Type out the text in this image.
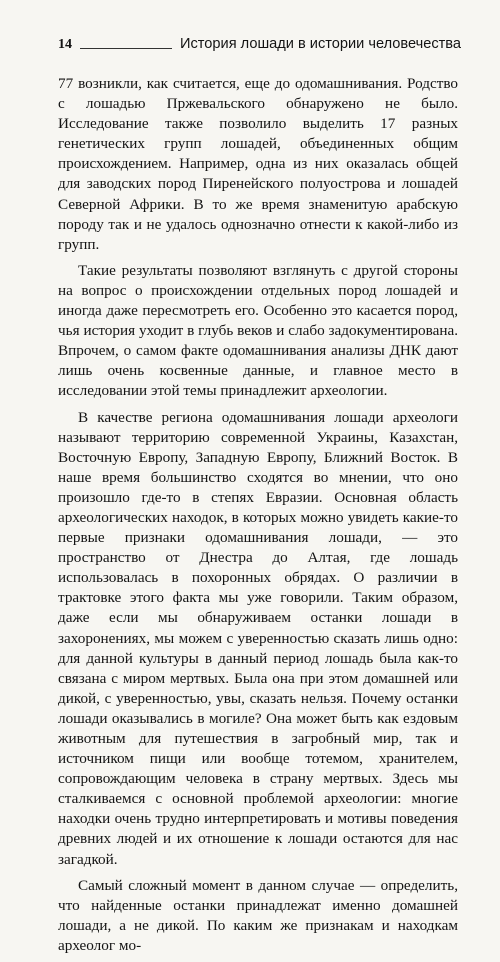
14	История лошади в истории человечества

77 возникли, как считается, еще до одомашнивания. Родство с лошадью Пржевальского обнаружено не было. Исследование также позволило выделить 17 разных генетических групп лошадей, объединенных общим происхождением. Например, одна из них оказалась общей для заводских пород Пиренейского полуострова и лошадей Северной Африки. В то же время знаменитую арабскую породу так и не удалось однозначно отнести к какой-либо из групп.

Такие результаты позволяют взглянуть с другой стороны на вопрос о происхождении отдельных пород лошадей и иногда даже пересмотреть его. Особенно это касается пород, чья история уходит в глубь веков и слабо задокументирована. Впрочем, о самом факте одомашнивания анализы ДНК дают лишь очень косвенные данные, и главное место в исследовании этой темы принадлежит археологии.

В качестве региона одомашнивания лошади археологи называют территорию современной Украины, Казахстан, Восточную Европу, Западную Европу, Ближний Восток. В наше время большинство сходятся во мнении, что оно произошло где-то в степях Евразии. Основная область археологических находок, в которых можно увидеть какие-то первые признаки одомашнивания лошади, — это пространство от Днестра до Алтая, где лошадь использовалась в похоронных обрядах. О различии в трактовке этого факта мы уже говорили. Таким образом, даже если мы обнаруживаем останки лошади в захоронениях, мы можем с уверенностью сказать лишь одно: для данной культуры в данный период лошадь была как-то связана с миром мертвых. Была она при этом домашней или дикой, с уверенностью, увы, сказать нельзя. Почему останки лошади оказывались в могиле? Она может быть как ездовым животным для путешествия в загробный мир, так и источником пищи или вообще тотемом, хранителем, сопровождающим человека в страну мертвых. Здесь мы сталкиваемся с основной проблемой археологии: многие находки очень трудно интерпретировать и мотивы поведения древних людей и их отношение к лошади остаются для нас загадкой.

Самый сложный момент в данном случае — определить, что найденные останки принадлежат именно домашней лошади, а не дикой. По каким же признакам и находкам археолог мо-
